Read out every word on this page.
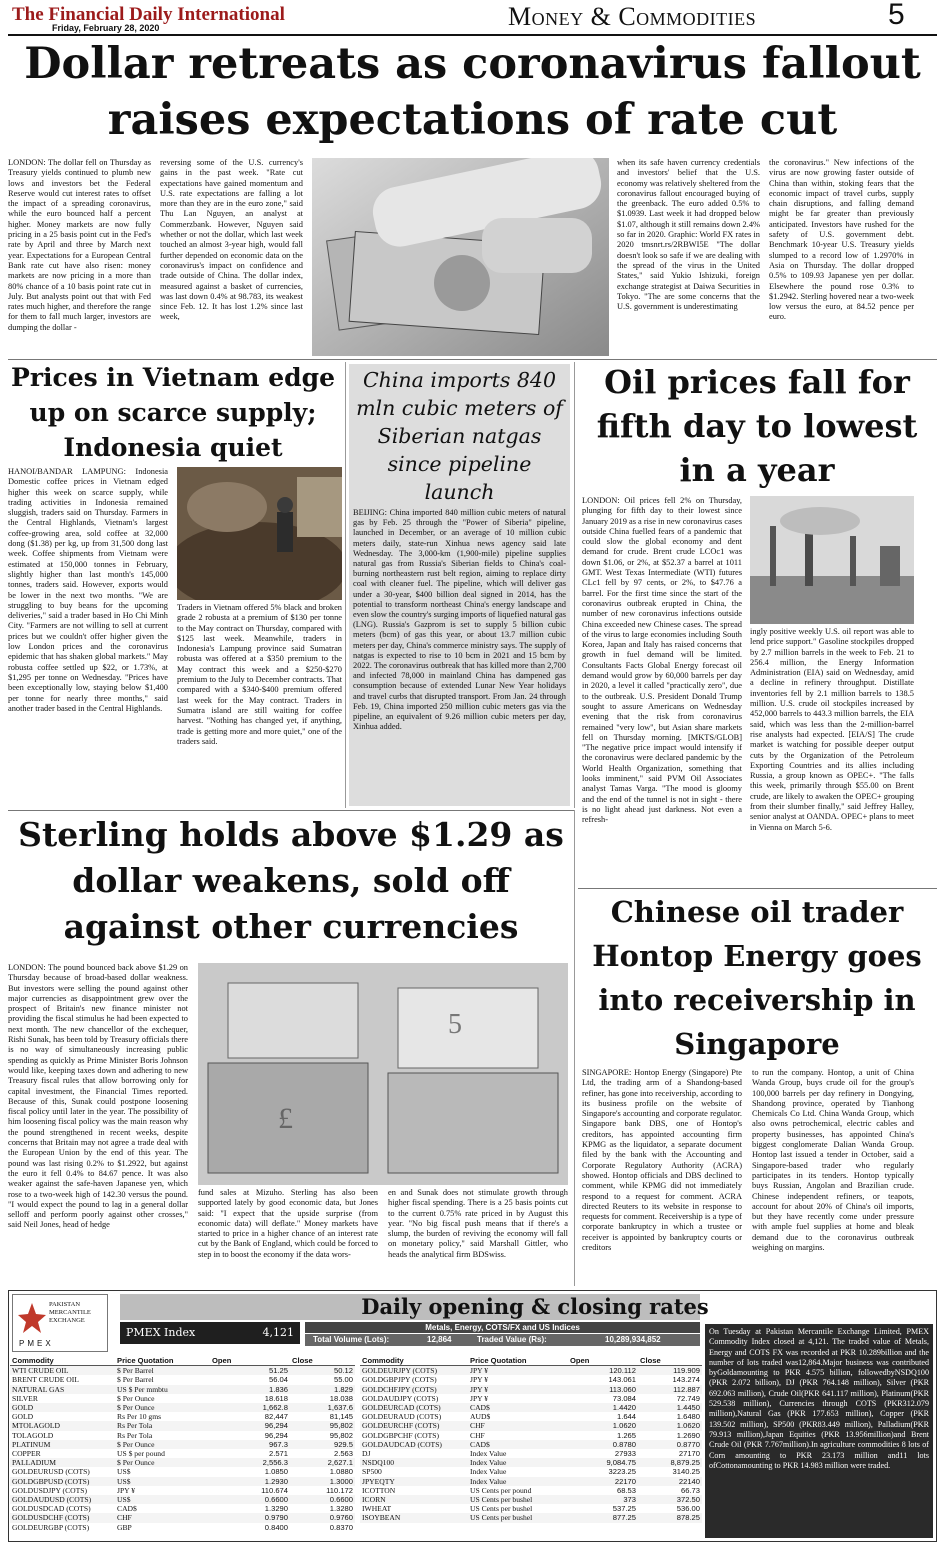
The Financial Daily International
Friday, February 28, 2020	Money & Commodities	5
Dollar retreats as coronavirus fallout raises expectations of rate cut
LONDON: The dollar fell on Thursday as Treasury yields continued to plumb new lows and investors bet the Federal Reserve would cut interest rates to offset the impact of a spreading coronavirus, while the euro bounced half a percent higher. Money markets are now fully pricing in a 25 basis point cut in the Fed's rate by April and three by March next year. Expectations for a European Central Bank rate cut have also risen: money markets are now pricing in a more than 80% chance of a 10 basis point rate cut in July. But analysts point out that with Fed rates much higher, and therefore the range for them to fall much larger, investors are dumping the dollar -
reversing some of the U.S. currency's gains in the past week. "Rate cut expectations have gained momentum and U.S. rate expectations are falling a lot more than they are in the euro zone," said Thu Lan Nguyen, an analyst at Commerzbank. However, Nguyen said whether or not the dollar, which last week touched an almost 3-year high, would fall further depended on economic data on the coronavirus's impact on confidence and trade outside of China. The dollar index, measured against a basket of currencies, was last down 0.4% at 98.783, its weakest since Feb. 12. It has lost 1.2% since last week,
when its safe haven currency credentials and investors' belief that the U.S. economy was relatively sheltered from the coronavirus fallout encouraged buying of the greenback. The euro added 0.5% to $1.0939. Last week it had dropped below $1.07, although it still remains down 2.4% so far in 2020. Graphic: World FX rates in 2020 tmsnrt.rs/2RBWI5E "The dollar doesn't look so safe if we are dealing with the spread of the virus in the United States," said Yukio Ishizuki, foreign exchange strategist at Daiwa Securities in Tokyo. "The are some concerns that the U.S. government is underestimating
the coronavirus." New infections of the virus are now growing faster outside of China than within, stoking fears that the economic impact of travel curbs, supply chain disruptions, and falling demand might be far greater than previously anticipated. Investors have rushed for the safety of U.S. government debt. Benchmark 10-year U.S. Treasury yields slumped to a record low of 1.2970% in Asia on Thursday. The dollar dropped 0.5% to 109.93 Japanese yen per dollar. Elsewhere the pound rose 0.3% to $1.2942. Sterling hovered near a two-week low versus the euro, at 84.52 pence per euro.
Prices in Vietnam edge up on scarce supply; Indonesia quiet
HANOI/BANDAR LAMPUNG: Indonesia Domestic coffee prices in Vietnam edged higher this week on scarce supply, while trading activities in Indonesia remained sluggish, traders said on Thursday. Farmers in the Central Highlands, Vietnam's largest coffee-growing area, sold coffee at 32,000 dong ($1.38) per kg, up from 31,500 dong last week. Coffee shipments from Vietnam were estimated at 150,000 tonnes in February, slightly higher than last month's 145,000 tonnes, traders said. However, exports would be lower in the next two months. "We are struggling to buy beans for the upcoming deliveries," said a trader based in Ho Chi Minh City. "Farmers are not willing to sell at current prices but we couldn't offer higher given the low London prices and the coronavirus epidemic that has shaken global markets." May robusta coffee settled up $22, or 1.73%, at $1,295 per tonne on Wednesday. "Prices have been exceptionally low, staying below $1,400 per tonne for nearly three months," said another trader based in the Central Highlands.
Traders in Vietnam offered 5% black and broken grade 2 robusta at a premium of $130 per tonne to the May contract on Thursday, compared with $125 last week. Meanwhile, traders in Indonesia's Lampung province said Sumatran robusta was offered at a $350 premium to the May contract this week and a $250-$270 premium to the July to December contracts. That compared with a $340-$400 premium offered last week for the May contract. Traders in Sumatra island are still waiting for coffee harvest. "Nothing has changed yet, if anything, trade is getting more and more quiet," one of the traders said.
China imports 840 mln cubic meters of Siberian natgas since pipeline launch
BEIJING: China imported 840 million cubic meters of natural gas by Feb. 25 through the "Power of Siberia" pipeline, launched in December, or an average of 10 million cubic meters daily, state-run Xinhua news agency said late Wednesday. The 3,000-km (1,900-mile) pipeline supplies natural gas from Russia's Siberian fields to China's coal-burning northeastern rust belt region, aiming to replace dirty coal with cleaner fuel. The pipeline, which will deliver gas under a 30-year, $400 billion deal signed in 2014, has the potential to transform northeast China's energy landscape and even slow the country's surging imports of liquefied natural gas (LNG). Russia's Gazprom is set to supply 5 billion cubic meters (bcm) of gas this year, or about 13.7 million cubic meters per day, China's commerce ministry says. The supply of natgas is expected to rise to 10 bcm in 2021 and 15 bcm by 2022. The coronavirus outbreak that has killed more than 2,700 and infected 78,000 in mainland China has dampened gas consumption because of extended Lunar New Year holidays and travel curbs that disrupted transport. From Jan. 24 through Feb. 19, China imported 250 million cubic meters gas via the pipeline, an equivalent of 9.26 million cubic meters per day, Xinhua added.
Oil prices fall for fifth day to lowest in a year
LONDON: Oil prices fell 2% on Thursday, plunging for fifth day to their lowest since January 2019 as a rise in new coronavirus cases outside China fuelled fears of a pandemic that could slow the global economy and dent demand for crude. Brent crude LCOc1 was down $1.06, or 2%, at $52.37 a barrel at 1011 GMT. West Texas Intermediate (WTI) futures CLc1 fell by 97 cents, or 2%, to $47.76 a barrel. For the first time since the start of the coronavirus outbreak erupted in China, the number of new coronavirus infections outside China exceeded new Chinese cases. The spread of the virus to large economies including South Korea, Japan and Italy has raised concerns that growth in fuel demand will be limited. Consultants Facts Global Energy forecast oil demand would grow by 60,000 barrels per day in 2020, a level it called "practically zero", due to the outbreak. U.S. President Donald Trump sought to assure Americans on Wednesday evening that the risk from coronavirus remained "very low", but Asian share markets fell on Thursday morning. [MKTS/GLOB] "The negative price impact would intensify if the coronavirus were declared pandemic by the World Health Organization, something that looks imminent," said PVM Oil Associates analyst Tamas Varga. "The mood is gloomy and the end of the tunnel is not in sight - there is no light ahead just darkness. Not even a refresh-
ingly positive weekly U.S. oil report was able to lend price support." Gasoline stockpiles dropped by 2.7 million barrels in the week to Feb. 21 to 256.4 million, the Energy Information Administration (EIA) said on Wednesday, amid a decline in refinery throughput. Distillate inventories fell by 2.1 million barrels to 138.5 million. U.S. crude oil stockpiles increased by 452,000 barrels to 443.3 million barrels, the EIA said, which was less than the 2-million-barrel rise analysts had expected. [EIA/S] The crude market is watching for possible deeper output cuts by the Organization of the Petroleum Exporting Countries and its allies including Russia, a group known as OPEC+. "The falls this week, primarily through $55.00 on Brent crude, are likely to awaken the OPEC+ grouping from their slumber finally," said Jeffrey Halley, senior analyst at OANDA. OPEC+ plans to meet in Vienna on March 5-6.
Sterling holds above $1.29 as dollar weakens, sold off against other currencies
LONDON: The pound bounced back above $1.29 on Thursday because of broad-based dollar weakness. But investors were selling the pound against other major currencies as disappointment grew over the prospect of Britain's new finance minister not providing the fiscal stimulus he had been expected to next month. The new chancellor of the exchequer, Rishi Sunak, has been told by Treasury officials there is no way of simultaneously increasing public spending as quickly as Prime Minister Boris Johnson would like, keeping taxes down and adhering to new Treasury fiscal rules that allow borrowing only for capital investment, the Financial Times reported. Because of this, Sunak could postpone loosening fiscal policy until later in the year. The possibility of him loosening fiscal policy was the main reason why the pound strengthened in recent weeks, despite concerns that Britain may not agree a trade deal with the European Union by the end of this year. The pound was last rising 0.2% to $1.2922, but against the euro it fell 0.4% to 84.67 pence. It was also weaker against the safe-haven Japanese yen, which rose to a two-week high of 142.30 versus the pound. "I would expect the pound to lag in a general dollar selloff and perform poorly against other crosses," said Neil Jones, head of hedge
£
5
fund sales at Mizuho. Sterling has also been supported lately by good economic data, but Jones said: "I expect that the upside surprise (from economic data) will deflate." Money markets have started to price in a higher chance of an interest rate cut by the Bank of England, which could be forced to step in to boost the economy if the data wors-
en and Sunak does not stimulate growth through higher fiscal spending. There is a 25 basis points cut to the current 0.75% rate priced in by August this year. "No big fiscal push means that if there's a slump, the burden of reviving the economy will fall on monetary policy," said Marshall Gittler, who heads the analytical firm BDSwiss.
Chinese oil trader Hontop Energy goes into receivership in Singapore
SINGAPORE: Hontop Energy (Singapore) Pte Ltd, the trading arm of a Shandong-based refiner, has gone into receivership, according to its business profile on the website of Singapore's accounting and corporate regulator. Singapore bank DBS, one of Hontop's creditors, has appointed accounting firm KPMG as the liquidator, a separate document filed by the bank with the Accounting and Corporate Regulatory Authority (ACRA) showed. Hontop officials and DBS declined to comment, while KPMG did not immediately respond to a request for comment. ACRA directed Reuters to its website in response to requests for comment. Receivership is a type of corporate bankruptcy in which a trustee or receiver is appointed by bankruptcy courts or creditors
to run the company. Hontop, a unit of China Wanda Group, buys crude oil for the group's 100,000 barrels per day refinery in Dongying, Shandong province, operated by Tianhong Chemicals Co Ltd. China Wanda Group, which also owns petrochemical, electric cables and property businesses, has appointed China's biggest conglomerate Dalian Wanda Group. Hontop last issued a tender in October, said a Singapore-based trader who regularly participates in its tenders. Hontop typically buys Russian, Angolan and Brazilian crude. Chinese independent refiners, or teapots, account for about 20% of China's oil imports, but they have recently come under pressure with ample fuel supplies at home and bleak demand due to the coronavirus outbreak weighing on margins.
PAKISTAN MERCANTILE EXCHANGE
PMEX
Daily opening & closing rates
PMEX Index	4,121	Metals, Energy, COTS/FX and US Indices
Total Volume (Lots):	12,864	Traded Value (Rs):	10,289,934,852
Commodity	Price Quotation	Open	Close
WTI CRUDE OIL	$ Per Barrel	51.25	50.12
BRENT CRUDE OIL	$ Per Barrel	56.04	55.00
NATURAL GAS	US $ Per mmbtu	1.836	1.829
SILVER	$ Per Ounce	18.618	18.038
GOLD	$ Per Ounce	1,662.8	1,637.6
GOLD	Rs Per 10 gms	82,447	81,145
MTOLAGOLD	Rs Per Tola	96,294	95,802
TOLAGOLD	Rs Per Tola	96,294	95,802
PLATINUM	$ Per Ounce	967.3	929.5
COPPER	US $ per pound	2.571	2.563
PALLADIUM	$ Per Ounce	2,556.3	2,627.1
GOLDEURUSD (COTS)	US$	1.0850	1.0880
GOLDGBPUSD (COTS)	US$	1.2930	1.3000
GOLDUSDJPY (COTS)	JPY ¥	110.674	110.172
GOLDAUDUSD (COTS)	US$	0.6600	0.6600
GOLDUSDCAD (COTS)	CAD$	1.3290	1.3280
GOLDUSDCHF (COTS)	CHF	0.9790	0.9760
GOLDEURGBP (COTS)	GBP	0.8400	0.8370
Commodity	Price Quotation	Open	Close
GOLDEURJPY (COTS)	JPY ¥	120.112	119.909
GOLDGBPJPY (COTS)	JPY ¥	143.061	143.274
GOLDCHFJPY (COTS)	JPY ¥	113.060	112.887
GOLDAUDJPY (COTS)	JPY ¥	73.084	72.749
GOLDEURCAD (COTS)	CAD$	1.4420	1.4450
GOLDEURAUD (COTS)	AUD$	1.644	1.6480
GOLDEURCHF (COTS)	CHF	1.0620	1.0620
GOLDGBPCHF (COTS)	CHF	1.265	1.2690
GOLDAUDCAD (COTS)	CAD$	0.8780	0.8770
DJ	Index Value	27933	27170
NSDQ100	Index Value	9,084.75	8,879.25
SP500	Index Value	3223.25	3140.25
JPYEQTY	Index Value	22170	22140
ICOTTON	US Cents per pound	68.53	66.73
ICORN	US Cents per bushel	373	372.50
IWHEAT	US Cents per bushel	537.25	536.00
ISOYBEAN	US Cents per bushel	877.25	878.25
On Tuesday at Pakistan Mercantile Exchange Limited, PMEX Commodity Index closed at 4,121. The traded value of Metals, Energy and COTS FX was recorded at PKR 10.289billion and the number of lots traded was12,864.Major business was contributed byGoldamounting to PKR 4.575 billion, followedbyNSDQ100 (PKR 2.072 billion), DJ (PKR 764.148 million), Silver (PKR 692.063 million), Crude Oil(PKR 641.117 million), Platinum(PKR 529.538 million), Currencies through COTS (PKR312.079 million),Natural Gas (PKR 177.653 million), Copper (PKR 139.502 million), SP500 (PKR83.449 million), Palladium(PKR 79.913 million),Japan Equities (PKR 13.956million)and Brent Crude Oil (PKR 7.767million).In agriculture commodities 8 lots of Corn amounting to PKR 23.173 million and11 lots ofCottonamounting to PKR 14.983 million were traded.
